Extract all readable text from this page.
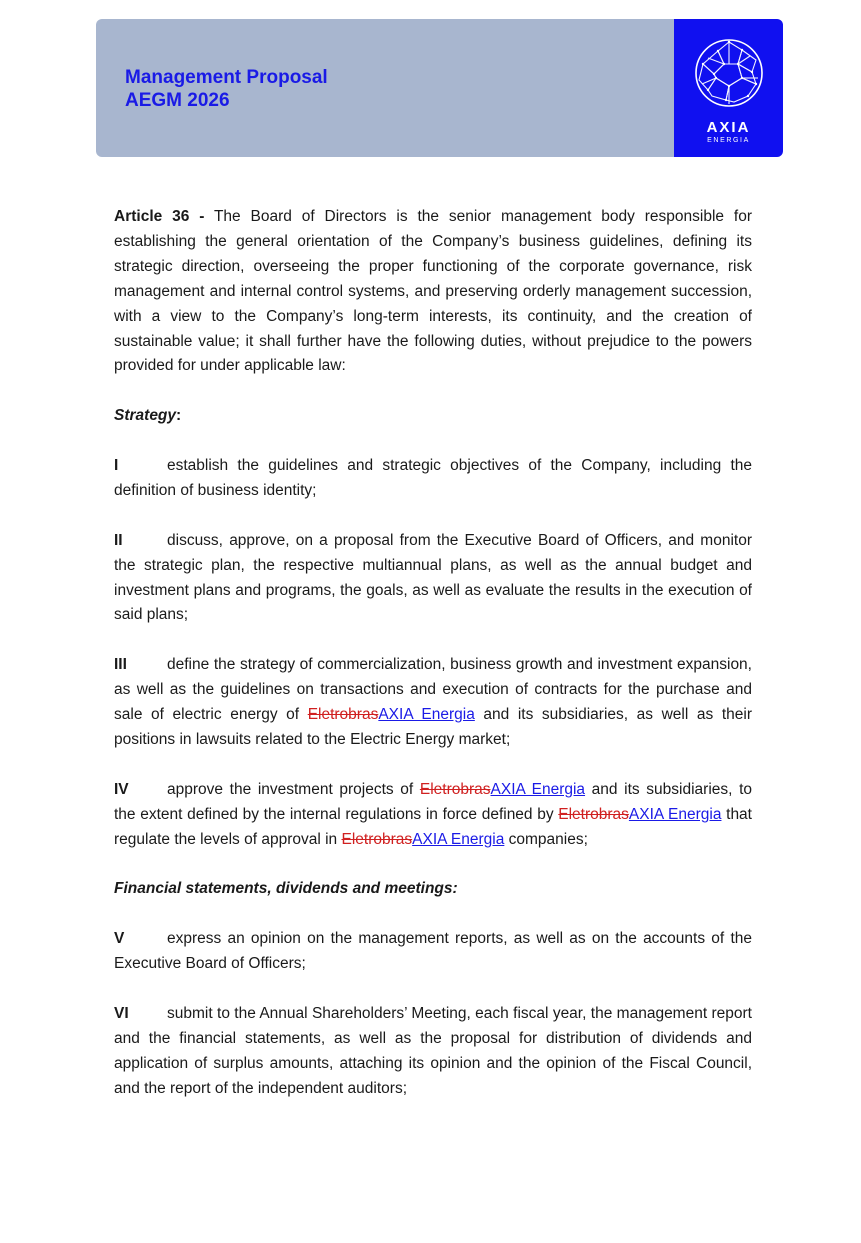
Management Proposal
AEGM 2026
AXIA
ENERGIA

Article 36 - The Board of Directors is the senior management body responsible for establishing the general orientation of the Company’s business guidelines, defining its strategic direction, overseeing the proper functioning of the corporate governance, risk management and internal control systems, and preserving orderly management succession, with a view to the Company’s long-term interests, its continuity, and the creation of sustainable value; it shall further have the following duties, without prejudice to the powers provided for under applicable law:

Strategy:

I	establish the guidelines and strategic objectives of the Company, including the definition of business identity;

II	discuss, approve, on a proposal from the Executive Board of Officers, and monitor the strategic plan, the respective multiannual plans, as well as the annual budget and investment plans and programs, the goals, as well as evaluate the results in the execution of said plans;

III	define the strategy of commercialization, business growth and investment expansion, as well as the guidelines on transactions and execution of contracts for the purchase and sale of electric energy of EletrobrasAXIA Energia and its subsidiaries, as well as their positions in lawsuits related to the Electric Energy market;

IV approve the investment projects of EletrobrasAXIA Energia and its subsidiaries, to the extent defined by the internal regulations in force defined by EletrobrasAXIA Energia that regulate the levels of approval in EletrobrasAXIA Energia companies;

Financial statements, dividends and meetings:

V	express an opinion on the management reports, as well as on the accounts of the Executive Board of Officers;

VI submit to the Annual Shareholders’ Meeting, each fiscal year, the management report and the financial statements, as well as the proposal for distribution of dividends and application of surplus amounts, attaching its opinion and the opinion of the Fiscal Council, and the report of the independent auditors;
